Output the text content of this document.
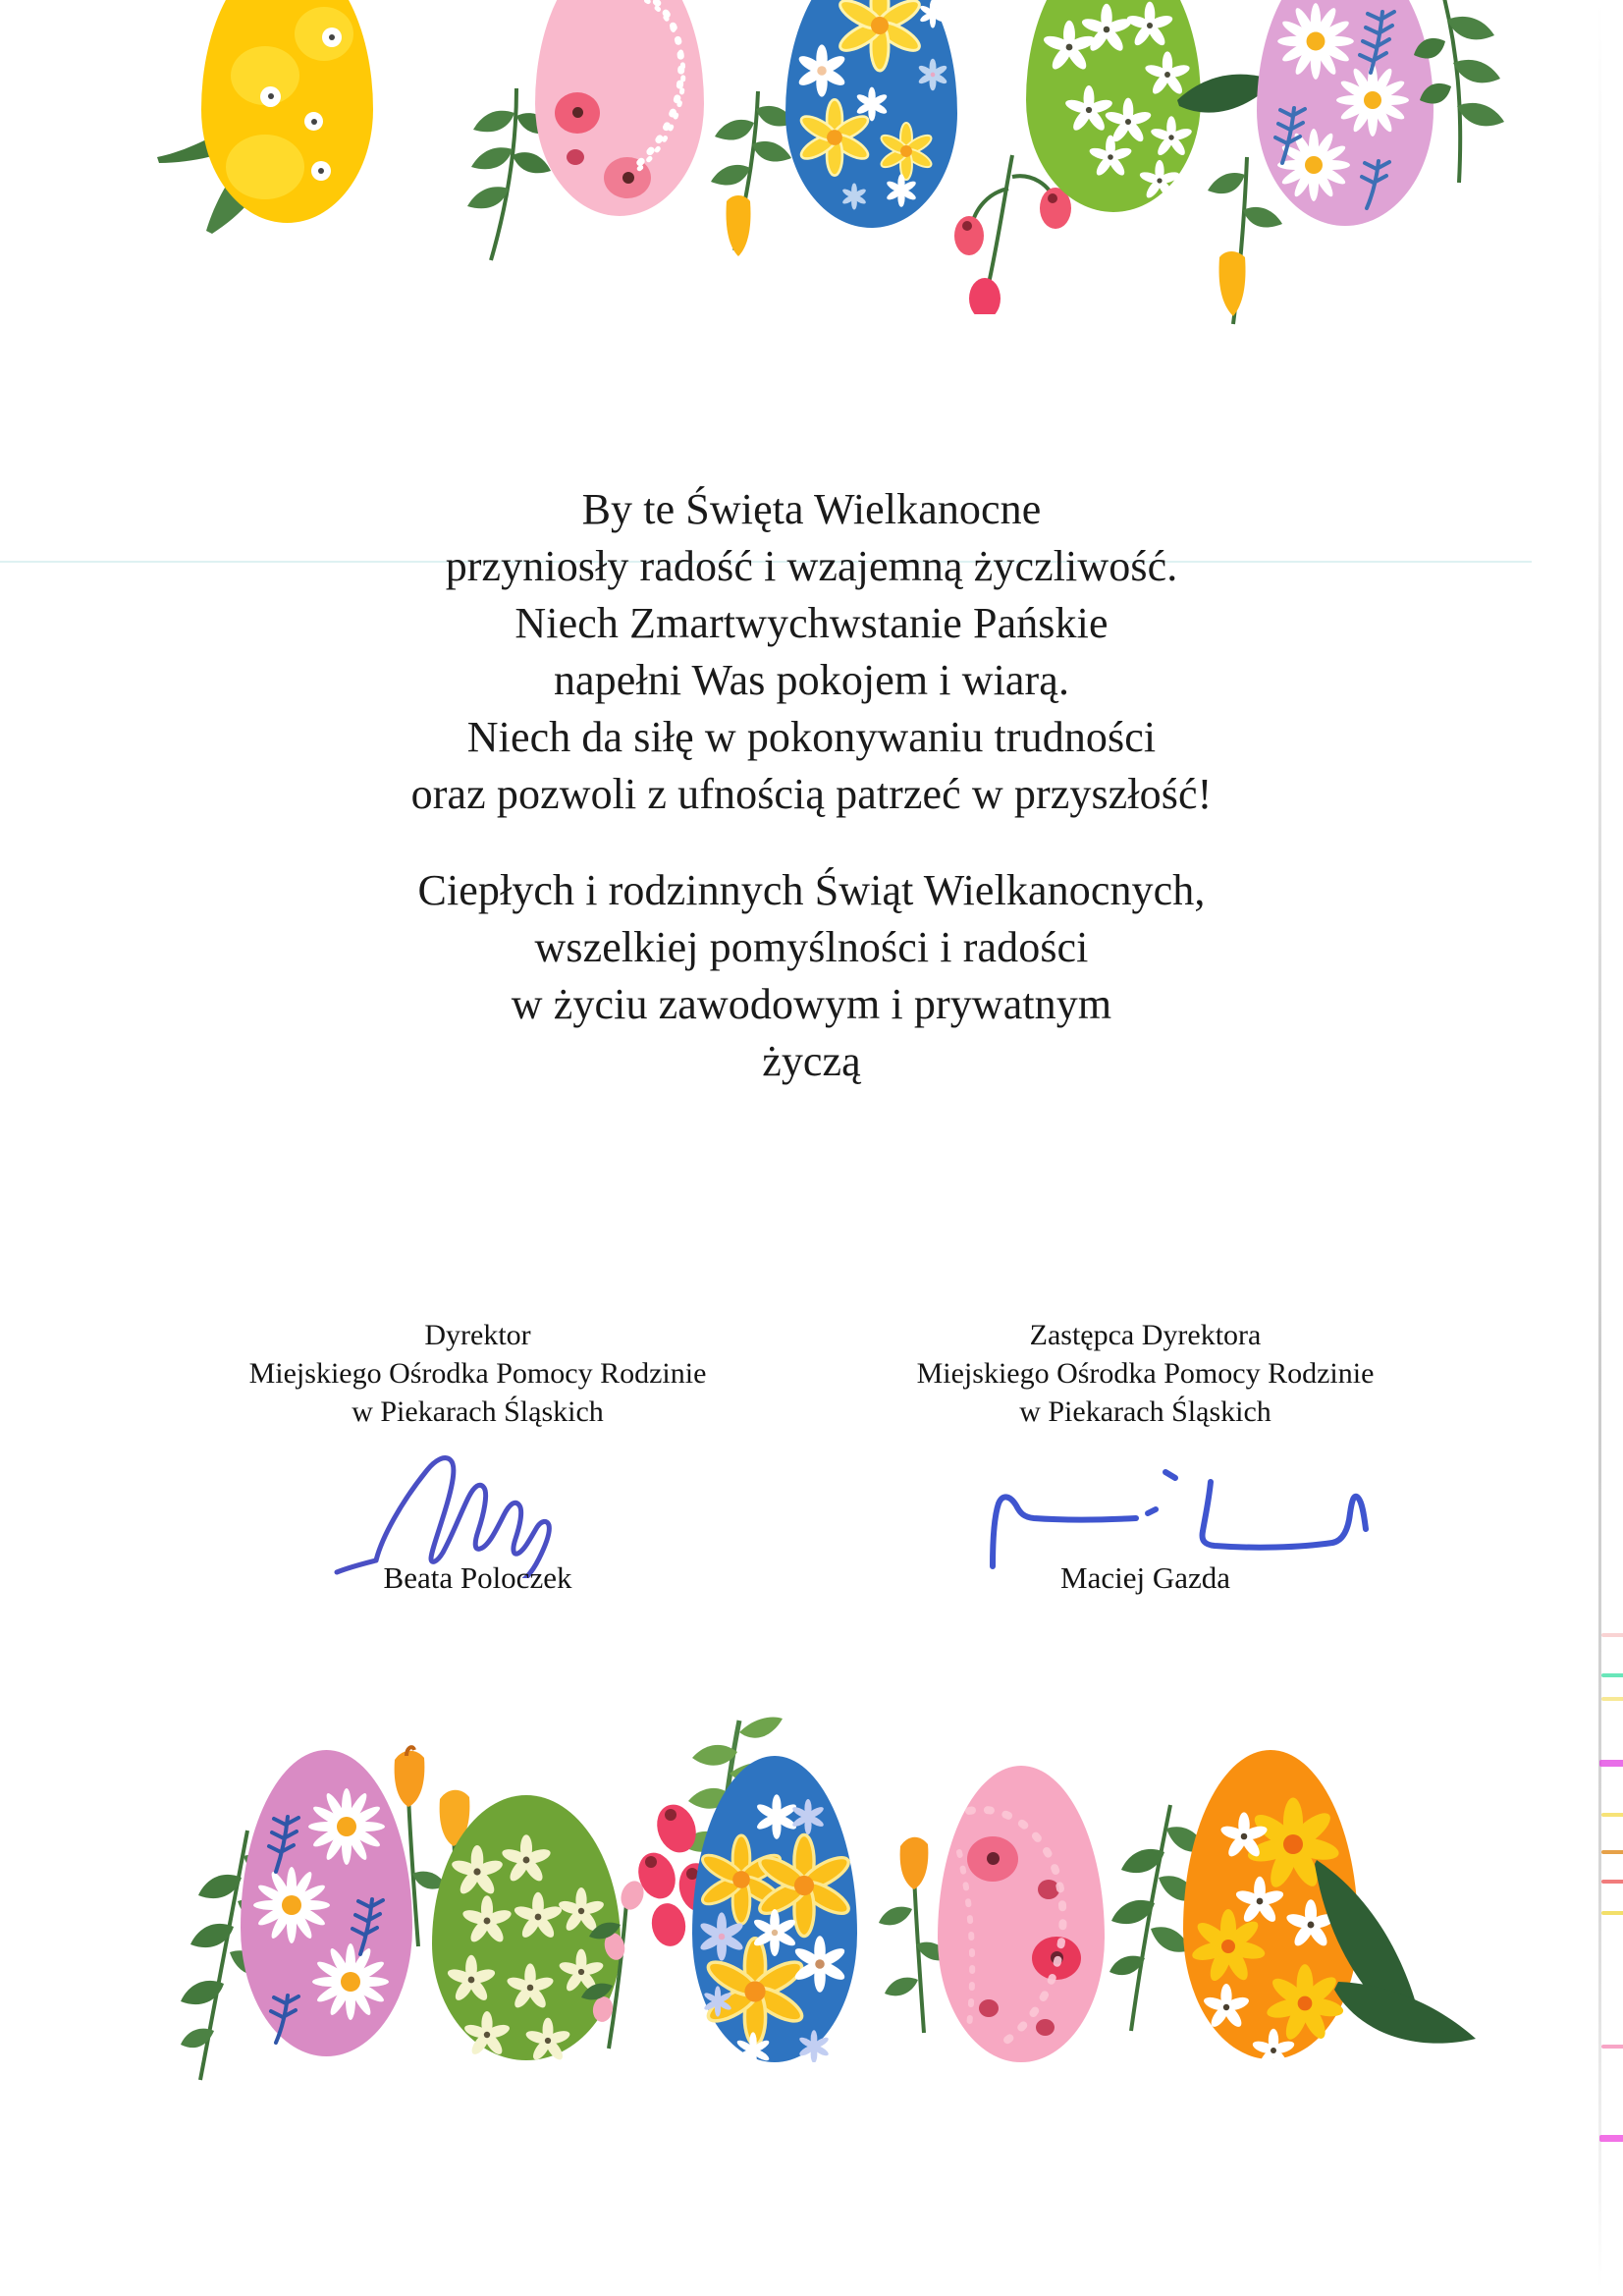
By te Święta Wielkanocne
przyniosły radość i wzajemną życzliwość.
Niech Zmartwychwstanie Pańskie
napełni Was pokojem i wiarą.
Niech da siłę w pokonywaniu trudności
oraz pozwoli z ufnością patrzeć w przyszłość!
Ciepłych i rodzinnych Świąt Wielkanocnych,
wszelkiej pomyślności i radości
w życiu zawodowym i prywatnym
życzą
Dyrektor
Miejskiego Ośrodka Pomocy Rodzinie
w Piekarach Śląskich
Beata Poloczek
Zastępca Dyrektora
Miejskiego Ośrodka Pomocy Rodzinie
w Piekarach Śląskich
Maciej Gazda
